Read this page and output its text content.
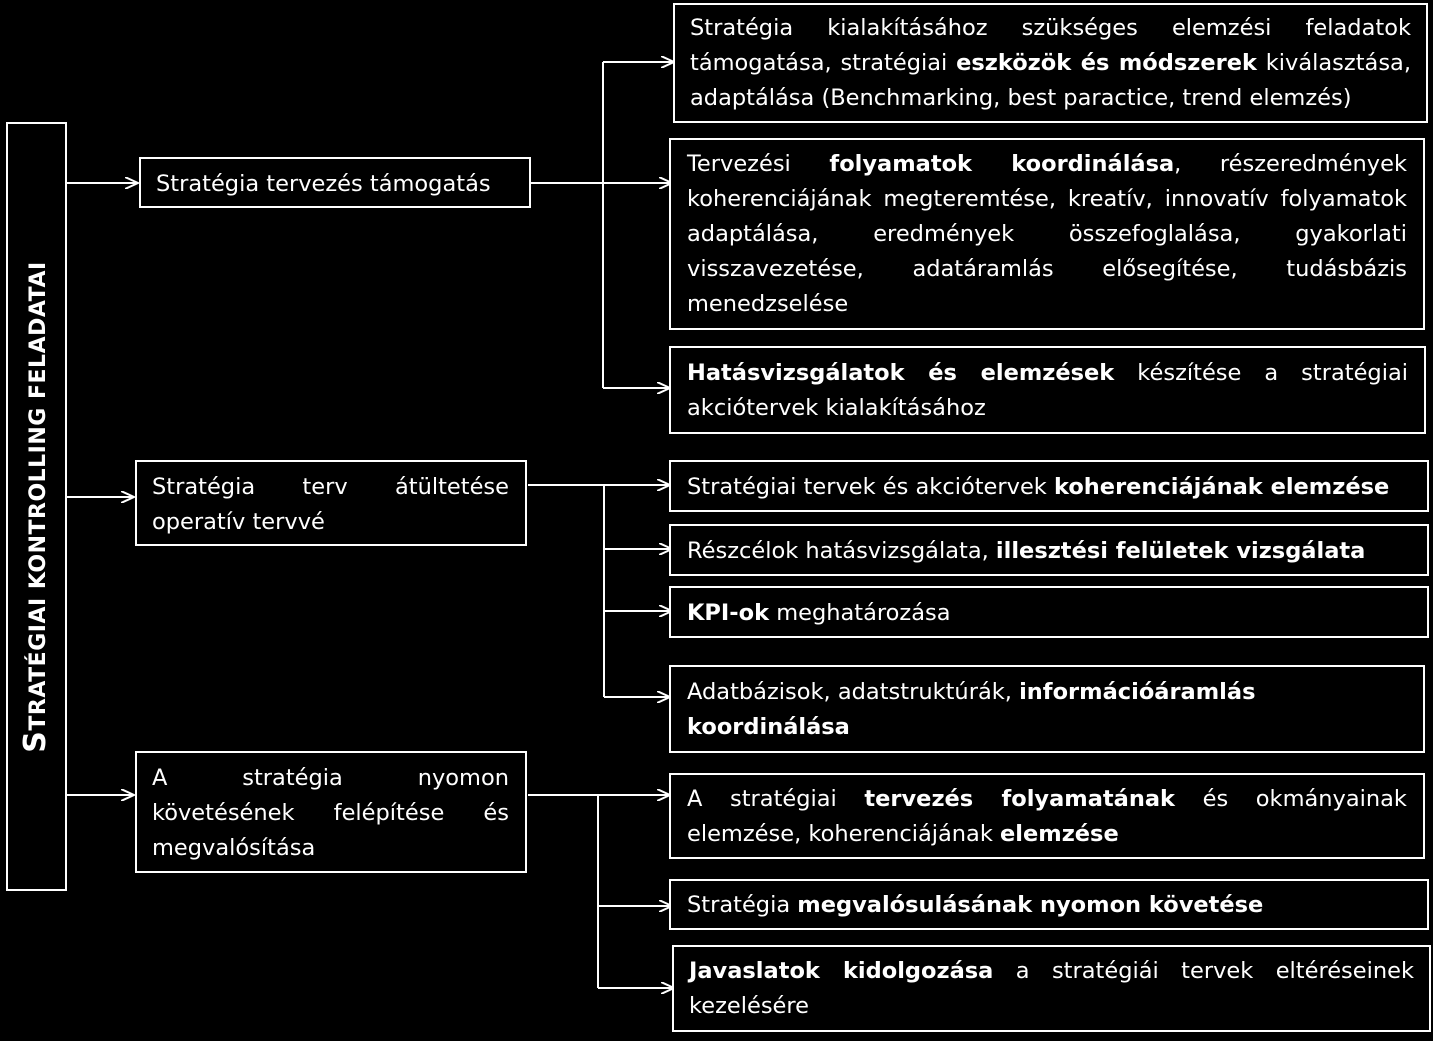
STRATÉGIAI KONTROLLING FELADATAI
Stratégia tervezés támogatás
Stratégia terv átültetése operatív tervvé
A stratégia nyomon követésének felépítése és megvalósítása
Stratégia kialakításához szükséges elemzési feladatok támogatása, stratégiai eszközök és módszerek kiválasztása, adaptálása (Benchmarking, best paractice, trend elemzés)
Tervezési folyamatok koordinálása, részeredmények koherenciájának megteremtése, kreatív, innovatív folyamatok adaptálása, eredmények összefoglalása, gyakorlati visszavezetése, adatáramlás elősegítése, tudásbázis menedzselése
Hatásvizsgálatok és elemzések készítése a stratégiai akciótervek kialakításához
Stratégiai tervek és akciótervek koherenciájának elemzése
Részcélok hatásvizsgálata, illesztési felületek vizsgálata
KPI-ok meghatározása
Adatbázisok, adatstruktúrák, információáramlás koordinálása
A stratégiai tervezés folyamatának és okmányainak elemzése, koherenciájának elemzése
Stratégia megvalósulásának nyomon követése
Javaslatok kidolgozása a stratégiái tervek eltéréseinek kezelésére
